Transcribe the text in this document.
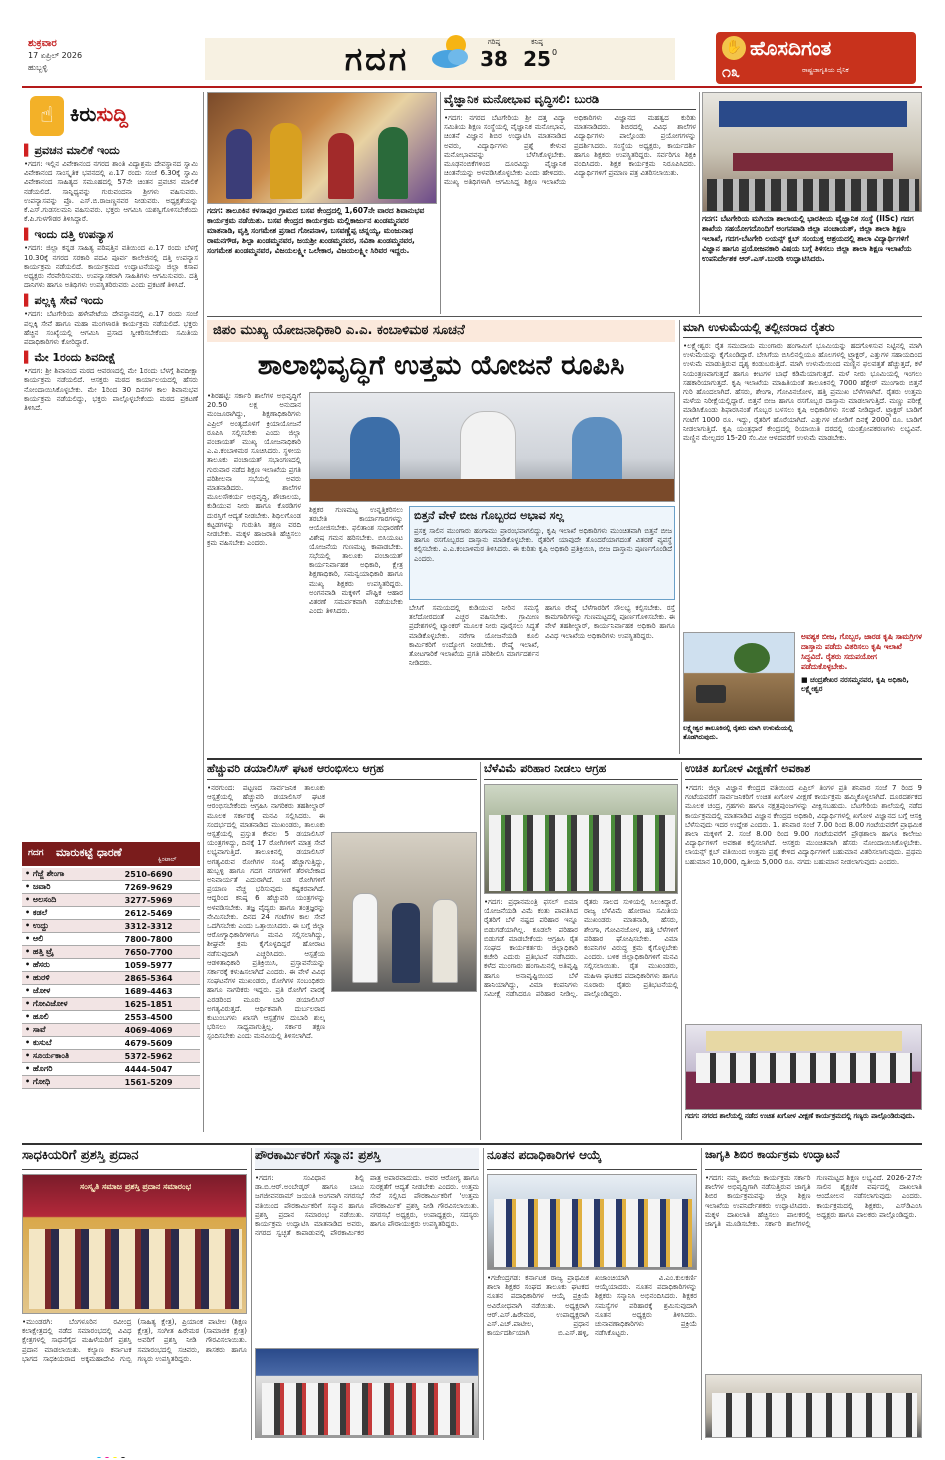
ಶುಕ್ರವಾರ
17 ಏಪ್ರಿಲ್ 2026
ಹುಬ್ಬಳ್ಳಿ	ಗದಗ	ಗರಿಷ್ಠ
38
ಕನಿಷ್ಠ
25 0	✋ ಹೊಸದಿಗಂತ
೧೩	ರಾಷ್ಟ್ರಜಾಗೃತಿಯ ದೈನಿಕ
☝ ಕಿರುಸುದ್ದಿ
▌ ಪ್ರವಚನ ಮಾಲಿಕೆ ಇಂದು
•ಗದಗ: ಇಲ್ಲಿನ ವಿವೇಕಾನಂದ ನಗರದ ಶಾಂತಿ ವಿದ್ಯಾಶ್ರಮ ದೇವಸ್ಥಾನದ ಸ್ವಾಮಿ ವಿವೇಕಾನಂದ ಸಾಂಸ್ಕೃತಿಕ ಭವನದಲ್ಲಿ ಏ.17 ರಂದು ಸಂಜೆ 6.30ಕ್ಕೆ ಸ್ವಾಮಿ ವಿವೇಕಾನಂದ ಸಾಹಿತ್ಯದ ಸಮೂಹದಲ್ಲಿ 57ನೇ ಚಿಂತನ ಪ್ರವಚನ ಮಾಲಿಕೆ ನಡೆಯಲಿದೆ. ಸಾನ್ನಿಧ್ಯವನ್ನು ಗುರುವಂದನಾ ಶ್ರೀಗಳು ವಹಿಸುವರು. ಉಪನ್ಯಾಸವನ್ನು ಪ್ರೊ. ಎಸ್.ಬಿ.ರಾಜಣ್ಣನವರ ನೀಡುವರು. ಅಧ್ಯಕ್ಷತೆಯನ್ನು ಕೆ.ಎಸ್.ಗುಡಸಲಮನಿ ವಹಿಸುವರು. ಭಕ್ತರು ಆಗಮಿಸಿ ಯಶಸ್ವಿಗೊಳಿಸಬೇಕೆಂದು ಕೆ.ಪಿ.ಗುಳಗೌಡರ ತಿಳಿಸಿದ್ದಾರೆ.
▌ ಇಂದು ದತ್ತಿ ಉಪನ್ಯಾಸ
•ಗದಗ: ಜಿಲ್ಲಾ ಕನ್ನಡ ಸಾಹಿತ್ಯ ಪರಿಷತ್ತಿನ ವತಿಯಿಂದ ಏ.17 ರಂದು ಬೆಳಗ್ಗೆ 10.30ಕ್ಕೆ ನಗರದ ಸರಕಾರಿ ಪದವಿ ಪೂರ್ವ ಕಾಲೇಜಿನಲ್ಲಿ ದತ್ತಿ ಉಪನ್ಯಾಸ ಕಾರ್ಯಕ್ರಮ ನಡೆಯಲಿದೆ. ಕಾರ್ಯಕ್ರಮದ ಉದ್ಘಾಟನೆಯನ್ನು ಜಿಲ್ಲಾ ಕಸಾಪ ಅಧ್ಯಕ್ಷರು ನೆರವೇರಿಸುವರು. ಉಪನ್ಯಾಸಕರಾಗಿ ಸಾಹಿತಿಗಳು ಆಗಮಿಸುವರು. ದತ್ತಿ ದಾನಿಗಳು ಹಾಗೂ ಅತಿಥಿಗಳು ಉಪಸ್ಥಿತರಿರುವರು ಎಂದು ಪ್ರಕಟಣೆ ತಿಳಿಸಿದೆ.
▌ ಪಲ್ಲಕ್ಕಿ ಸೇವೆ ಇಂದು
•ಗದಗ: ಬೆಟಗೇರಿಯ ಹಳೇಪೇಟೆಯ ದೇವಸ್ಥಾನದಲ್ಲಿ ಏ.17 ರಂದು ಸಂಜೆ ಪಲ್ಲಕ್ಕಿ ಸೇವೆ ಹಾಗೂ ಮಹಾ ಮಂಗಳಾರತಿ ಕಾರ್ಯಕ್ರಮ ನಡೆಯಲಿದೆ. ಭಕ್ತರು ಹೆಚ್ಚಿನ ಸಂಖ್ಯೆಯಲ್ಲಿ ಆಗಮಿಸಿ ಪ್ರಸಾದ ಸ್ವೀಕರಿಸಬೇಕೆಂದು ಸಮಿತಿಯ ಪದಾಧಿಕಾರಿಗಳು ಕೋರಿದ್ದಾರೆ.
▌ ಮೇ 1ರಂದು ಶಿವದೀಕ್ಷೆ
•ಗದಗ: ಶ್ರೀ ಶಿವಾನಂದ ಮಠದ ಆವರಣದಲ್ಲಿ ಮೇ 1ರಂದು ಬೆಳಗ್ಗೆ ಶಿವದೀಕ್ಷಾ ಕಾರ್ಯಕ್ರಮ ನಡೆಯಲಿದೆ. ಆಸಕ್ತರು ಮಠದ ಕಾರ್ಯಾಲಯದಲ್ಲಿ ಹೆಸರು ನೋಂದಾಯಿಸಿಕೊಳ್ಳಬೇಕು. ಮೇ 1ರಿಂದ 30 ದಿನಗಳ ಕಾಲ ಶಿವಾನುಭವ ಕಾರ್ಯಕ್ರಮ ನಡೆಯಲಿದ್ದು, ಭಕ್ತರು ಪಾಲ್ಗೊಳ್ಳಬೇಕೆಂದು ಮಠದ ಪ್ರಕಟಣೆ ತಿಳಿಸಿದೆ.
ಗದಗ	ಮಾರುಕಟ್ಟೆ ಧಾರಣೆ
ಕ್ವಿಂಟಾಲ್
• ಗೆಜ್ಜೆ ಶೇಂಗಾ	2510-6690
• ಜವಾರಿ	7269-9629
• ಅಲಸಂದಿ	3277-5969
• ಕಡಲೆ	2612-5469
• ಉದ್ದು	3312-3312
• ಆಲಿ	7800-7800
• ಹತ್ತಿ ಟ್ರೈ	7650-7700
• ಹೆಸರು	1059-5977
• ಹುರಳಿ	2865-5364
• ಜೋಳ	1689-4463
• ಗೋವಿಜೋಳ	1625-1851
• ಹೂಲಿ	2553-4500
• ಸಾವೆ	4069-4069
• ಕುಸುಬೆ	4679-5609
• ಸೂರ್ಯಕಾಂತಿ	5372-5962
• ಹೊಗರಿ	4444-5047
• ಗೋಧಿ	1561-5209
ಗದಗ: ತಾಲೂಕಿನ ಕಳಸಾಪುರ ಗ್ರಾಮದ ಬಸವ ಕೇಂದ್ರದಲ್ಲಿ 1,607ನೇ ವಾರದ ಶಿವಾನುಭವ ಕಾರ್ಯಕ್ರಮ ನಡೆಯಿತು. ಬಸವ ಕೇಂದ್ರದ ಕಾರ್ಯಕ್ರಮ ಮಲ್ಲಿಕಾರ್ಜುನ ಖಂಡಮ್ಮನವರ ಮಾತನಾಡಿ, ವೃತ್ತಿ ಸಂಗಮೇಶ ಪ್ರಸಾದ ಗೋಪನಾಳ, ಬಸವಣ್ಣೆಪ್ಪ ಚನ್ನಯ್ಯ, ಮಂಜುನಾಥ ರಾಮನಗೌಡ, ಶಿಲ್ಪಾ ಖಂಡಮ್ಮನವರ, ಜಯಶ್ರೀ ಖಂಡಮ್ಮನವರ, ಸವಿತಾ ಖಂಡಮ್ಮನವರ, ಸಂಗಮೇಶ ಖಂಡಮ್ಮನವರ, ವಿಜಯಲಕ್ಷ್ಮೀ ಒಲೇಕಾರ, ವಿಜಯಲಕ್ಷ್ಮೀ ಸಿರಿವರ ಇದ್ದರು.
ವೈಜ್ಞಾನಿಕ ಮನೋಭಾವ ವೃದ್ಧಿಸಲಿ: ಬುರಡಿ
•ಗದಗ: ನಗರದ ಬೆಟಗೇರಿಯ ಶ್ರೀ ದತ್ತ ವಿದ್ಯಾ ಸಮಿತಿಯ ಶಿಕ್ಷಣ ಸಂಸ್ಥೆಯಲ್ಲಿ ವೈಜ್ಞಾನಿಕ ಮನೋಭಾವ, ಚಿಂತನೆ ವಿಜ್ಞಾನ ಶಿಬಿರ ಉದ್ಘಾಟಿಸಿ ಮಾತನಾಡಿದ ಅವರು, ವಿದ್ಯಾರ್ಥಿಗಳು ಪ್ರಶ್ನೆ ಕೇಳುವ ಮನೋಭಾವವನ್ನು ಬೆಳೆಸಿಕೊಳ್ಳಬೇಕು. ಮೂಢನಂಬಿಕೆಗಳಿಂದ ದೂರವಿದ್ದು ವೈಜ್ಞಾನಿಕ ಚಿಂತನೆಯನ್ನು ಅಳವಡಿಸಿಕೊಳ್ಳಬೇಕು ಎಂದು ಹೇಳಿದರು. ಮುಖ್ಯ ಅತಿಥಿಗಳಾಗಿ ಆಗಮಿಸಿದ್ದ ಶಿಕ್ಷಣ ಇಲಾಖೆಯ ಅಧಿಕಾರಿಗಳು ವಿಜ್ಞಾನದ ಮಹತ್ವದ ಕುರಿತು ಮಾತನಾಡಿದರು. ಶಿಬಿರದಲ್ಲಿ ವಿವಿಧ ಶಾಲೆಗಳ ವಿದ್ಯಾರ್ಥಿಗಳು ಪಾಲ್ಗೊಂಡು ಪ್ರಯೋಗಗಳನ್ನು ಪ್ರದರ್ಶಿಸಿದರು. ಸಂಸ್ಥೆಯ ಅಧ್ಯಕ್ಷರು, ಕಾರ್ಯದರ್ಶಿ ಹಾಗೂ ಶಿಕ್ಷಕರು ಉಪಸ್ಥಿತರಿದ್ದರು. ಸರ್ವರಿಗೂ ಶಿಕ್ಷಕಿ ವಂದಿಸಿದರು. ಶಿಕ್ಷಕ ಕಾರ್ಯಕ್ರಮ ನಿರೂಪಿಸಿದರು. ವಿದ್ಯಾರ್ಥಿಗಳಿಗೆ ಪ್ರಮಾಣ ಪತ್ರ ವಿತರಿಸಲಾಯಿತು.
ಗದಗ: ಬೆಟಗೇರಿಯ ಮಗಿಯಾ ಶಾಲಾಯಲ್ಲಿ ಭಾರತೀಯ ವೈಜ್ಞಾನಿಕ ಸಂಸ್ಥೆ (IISc) ಗದಗ ಶಾಖೆಯ ಸಹಯೋಗದೊಂದಿಗೆ ಅಂಗನವಾಡಿ ಜಿಲ್ಲಾ ಪಂಚಾಯತ್, ಜಿಲ್ಲಾ ಶಾಲಾ ಶಿಕ್ಷಣ ಇಲಾಖೆ, ಗದಗ-ಬೆಟಗೇರಿ ಲಯನ್ಸ್ ಕ್ಲಬ್ ಸಂಯುಕ್ತ ಆಶ್ರಯದಲ್ಲಿ ಶಾಲಾ ವಿದ್ಯಾರ್ಥಿಗಳಿಗೆ ವಿಜ್ಞಾನ ಹಾಗೂ ಪ್ರಯೋಜನಕಾರಿ ವಿಷಯ ಬಗ್ಗೆ ತಿಳಿಸಲು ಜಿಲ್ಲಾ ಶಾಲಾ ಶಿಕ್ಷಣ ಇಲಾಖೆಯ ಉಪನಿರ್ದೇಶಕ ಆರ್.ಎಸ್.ಬುರಡಿ ಉದ್ಘಾಟಿಸಿದರು.
ಜಿಪಂ ಮುಖ್ಯ ಯೋಜನಾಧಿಕಾರಿ ಎ.ಎ. ಕಂಬಾಳಿಮಠ ಸೂಚನೆ
ಶಾಲಾಭಿವೃದ್ಧಿಗೆ ಉತ್ತಮ ಯೋಜನೆ ರೂಪಿಸಿ
•ಶಿರಹಟ್ಟಿ: ಸರ್ಕಾರಿ ಶಾಲೆಗಳ ಅಭಿವೃದ್ಧಿಗೆ 20.50 ಲಕ್ಷ ಅನುದಾನ ಮಂಜೂರಾಗಿದ್ದು, ಶಿಕ್ಷಣಾಧಿಕಾರಿಗಳು ಎಪ್ರಿಲ್ ಅಂತ್ಯದೊಳಗೆ ಕ್ರಿಯಾಯೋಜನೆ ರೂಪಿಸಿ ಸಲ್ಲಿಸಬೇಕು ಎಂದು ಜಿಲ್ಲಾ ಪಂಚಾಯತ್ ಮುಖ್ಯ ಯೋಜನಾಧಿಕಾರಿ ಎ.ಎ.ಕಂಬಾಳಿಮಠ ಸೂಚಿಸಿದರು. ಸ್ಥಳೀಯ ತಾಲೂಕು ಪಂಚಾಯತ್ ಸಭಾಂಗಣದಲ್ಲಿ ಗುರುವಾರ ನಡೆದ ಶಿಕ್ಷಣ ಇಲಾಖೆಯ ಪ್ರಗತಿ ಪರಿಶೀಲನಾ ಸಭೆಯಲ್ಲಿ ಅವರು ಮಾತನಾಡಿದರು. ಶಾಲೆಗಳ ಮೂಲಸೌಕರ್ಯ ಅಭಿವೃದ್ಧಿ, ಶೌಚಾಲಯ, ಕುಡಿಯುವ ನೀರು ಹಾಗೂ ಕೊಠಡಿಗಳ ದುರಸ್ತಿಗೆ ಆದ್ಯತೆ ನೀಡಬೇಕು. ಶಿಥಿಲಗೊಂಡ ಕಟ್ಟಡಗಳನ್ನು ಗುರುತಿಸಿ ತಕ್ಷಣ ವರದಿ ನೀಡಬೇಕು. ಮಕ್ಕಳ ಹಾಜರಾತಿ ಹೆಚ್ಚಿಸಲು ಕ್ರಮ ವಹಿಸಬೇಕು ಎಂದರು.
ಶಿಕ್ಷಕರ ಗುಣಮಟ್ಟ ಉನ್ನತ್ತಿಕರಿಸಲು ತರಬೇತಿ ಕಾರ್ಯಾಗಾರಗಳನ್ನು ಆಯೋಜಿಸಬೇಕು. ಫಲಿತಾಂಶ ಸುಧಾರಣೆಗೆ ವಿಶೇಷ ಗಮನ ಹರಿಸಬೇಕು. ಬಿಸಿಯೂಟ ಯೋಜನೆಯ ಗುಣಮಟ್ಟ ಕಾಪಾಡಬೇಕು. ಸಭೆಯಲ್ಲಿ ತಾಲೂಕು ಪಂಚಾಯತ್ ಕಾರ್ಯನಿರ್ವಾಹಕ ಅಧಿಕಾರಿ, ಕ್ಷೇತ್ರ ಶಿಕ್ಷಣಾಧಿಕಾರಿ, ಸಮನ್ವಯಾಧಿಕಾರಿ ಹಾಗೂ ಮುಖ್ಯ ಶಿಕ್ಷಕರು ಉಪಸ್ಥಿತರಿದ್ದರು. ಅಂಗನವಾಡಿ ಮಕ್ಕಳಿಗೆ ಪೌಷ್ಟಿಕ ಆಹಾರ ವಿತರಣೆ ಸಮರ್ಪಕವಾಗಿ ನಡೆಯಬೇಕು ಎಂದು ತಿಳಿಸಿದರು.
ಬಿತ್ತನೆ ವೇಳೆ ಬೀಜ ಗೊಬ್ಬರದ ಅಭಾವ ಸಲ್ಲ
ಪ್ರಸಕ್ತ ಸಾಲಿನ ಮುಂಗಾರು ಹಂಗಾಮು ಪ್ರಾರಂಭವಾಗಲಿದ್ದು, ಕೃಷಿ ಇಲಾಖೆ ಅಧಿಕಾರಿಗಳು ಮುಂಚಿತವಾಗಿ ಬಿತ್ತನೆ ಬೀಜ ಹಾಗೂ ರಸಗೊಬ್ಬರದ ದಾಸ್ತಾನು ಮಾಡಿಕೊಳ್ಳಬೇಕು. ರೈತರಿಗೆ ಯಾವುದೇ ತೊಂದರೆಯಾಗದಂತೆ ವಿತರಣೆ ವ್ಯವಸ್ಥೆ ಕಲ್ಪಿಸಬೇಕು. ಎ.ಎ.ಕಂಬಾಳಿಮಠ ತಿಳಿಸಿದರು. ಈ ಕುರಿತು ಕೃಷಿ ಅಧಿಕಾರಿ ಪ್ರತಿಕ್ರಿಯಿಸಿ, ಬೀಜ ದಾಸ್ತಾನು ಪೂರ್ಣಗೊಂಡಿದೆ ಎಂದರು.
ಬೇಸಿಗೆ ಸಮಯದಲ್ಲಿ ಕುಡಿಯುವ ನೀರಿನ ಸಮಸ್ಯೆ ತಲೆದೋರದಂತೆ ಎಚ್ಚರ ವಹಿಸಬೇಕು. ಗ್ರಾಮೀಣ ಪ್ರದೇಶಗಳಲ್ಲಿ ಟ್ಯಾಂಕರ್ ಮೂಲಕ ನೀರು ಪೂರೈಸಲು ಸಿದ್ಧತೆ ಮಾಡಿಕೊಳ್ಳಬೇಕು. ನರೇಗಾ ಯೋಜನೆಯಡಿ ಕೂಲಿ ಕಾರ್ಮಿಕರಿಗೆ ಉದ್ಯೋಗ ನೀಡಬೇಕು. ರೇಷ್ಮೆ ಇಲಾಖೆ, ತೋಟಗಾರಿಕೆ ಇಲಾಖೆಯ ಪ್ರಗತಿ ಪರಿಶೀಲಿಸಿ ಮಾರ್ಗದರ್ಶನ ನೀಡಿದರು.
ಹಾಗೂ ರೇಷ್ಮೆ ಬೆಳೆಗಾರರಿಗೆ ಸೌಲಭ್ಯ ಕಲ್ಪಿಸಬೇಕು. ರಸ್ತೆ ಕಾಮಗಾರಿಗಳನ್ನು ಗುಣಮಟ್ಟದಲ್ಲಿ ಪೂರ್ಣಗೊಳಿಸಬೇಕು. ಈ ವೇಳೆ ತಹಶೀಲ್ದಾರ್, ಕಾರ್ಯನಿರ್ವಾಹಕ ಅಧಿಕಾರಿ ಹಾಗೂ ವಿವಿಧ ಇಲಾಖೆಯ ಅಧಿಕಾರಿಗಳು ಉಪಸ್ಥಿತರಿದ್ದರು.
ಮಾಗಿ ಉಳುಮೆಯಲ್ಲಿ ತಲ್ಲೀನರಾದ ರೈತರು
•ಲಕ್ಷ್ಮೇಶ್ವರ: ರೈತ ಸಮುದಾಯ ಮುಂಗಾರು ಹಂಗಾಮಿಗೆ ಭೂಮಿಯನ್ನು ಹದಗೊಳಿಸುವ ನಿಟ್ಟಿನಲ್ಲಿ ಮಾಗಿ ಉಳುಮೆಯನ್ನು ಕೈಗೊಂಡಿದ್ದಾರೆ. ಬೇಸಿಗೆಯ ಬಿಸಿಲಿನಲ್ಲಿಯೂ ಹೊಲಗಳಲ್ಲಿ ಟ್ರ್ಯಾಕ್ಟರ್, ಎತ್ತುಗಳ ಸಹಾಯದಿಂದ ಉಳುಮೆ ಮಾಡುತ್ತಿರುವ ದೃಶ್ಯ ಕಂಡುಬರುತ್ತಿದೆ. ಮಾಗಿ ಉಳುಮೆಯಿಂದ ಮಣ್ಣಿನ ಫಲವತ್ತತೆ ಹೆಚ್ಚುತ್ತದೆ, ಕಳೆ ನಿಯಂತ್ರಣವಾಗುತ್ತದೆ ಹಾಗೂ ಕೀಟಗಳ ಬಾಧೆ ಕಡಿಮೆಯಾಗುತ್ತದೆ. ಮಳೆ ನೀರು ಭೂಮಿಯಲ್ಲಿ ಇಂಗಲು ಸಹಕಾರಿಯಾಗುತ್ತದೆ. ಕೃಷಿ ಇಲಾಖೆಯ ಮಾಹಿತಿಯಂತೆ ತಾಲೂಕಿನಲ್ಲಿ 7000 ಹೆಕ್ಟೇರ್ ಮುಂಗಾರು ಬಿತ್ತನೆ ಗುರಿ ಹೊಂದಲಾಗಿದೆ. ಹೆಸರು, ಶೇಂಗಾ, ಗೋವಿನಜೋಳ, ಹತ್ತಿ ಪ್ರಮುಖ ಬೆಳೆಗಳಾಗಿವೆ. ರೈತರು ಉತ್ತಮ ಮಳೆಯ ನಿರೀಕ್ಷೆಯಲ್ಲಿದ್ದಾರೆ. ಬಿತ್ತನೆ ಬೀಜ ಹಾಗೂ ರಸಗೊಬ್ಬರ ದಾಸ್ತಾನು ಮಾಡಲಾಗುತ್ತಿದೆ. ಮಣ್ಣು ಪರೀಕ್ಷೆ ಮಾಡಿಸಿಕೊಂಡು ಶಿಫಾರಸಿನಂತೆ ಗೊಬ್ಬರ ಬಳಸಲು ಕೃಷಿ ಅಧಿಕಾರಿಗಳು ಸಲಹೆ ನೀಡಿದ್ದಾರೆ. ಟ್ರ್ಯಾಕ್ಟರ್ ಬಾಡಿಗೆ ಗಂಟೆಗೆ 1000 ರೂ. ಇದ್ದು, ರೈತರಿಗೆ ಹೊರೆಯಾಗಿದೆ. ಎತ್ತುಗಳ ಜೋಡಿಗೆ ದಿನಕ್ಕೆ 2000 ರೂ. ಬಾಡಿಗೆ ನೀಡಲಾಗುತ್ತಿದೆ. ಕೃಷಿ ಯಂತ್ರಧಾರೆ ಕೇಂದ್ರದಲ್ಲಿ ರಿಯಾಯಿತಿ ದರದಲ್ಲಿ ಯಂತ್ರೋಪಕರಣಗಳು ಲಭ್ಯವಿವೆ. ಮಣ್ಣಿನ ಮೇಲ್ಪದರ 15-20 ಸೆಂ.ಮೀ ಆಳದವರೆಗೆ ಉಳುಮೆ ಮಾಡಬೇಕು.
ಲಕ್ಷ್ಮೇಶ್ವರ ತಾಲೂಕಿನಲ್ಲಿ ರೈತರು ಮಾಗಿ ಉಳುಮೆಯಲ್ಲಿ ತೊಡಗಿರುವುದು.
ಅವಶ್ಯಕ ಬೀಜ, ಗೊಬ್ಬರ, ಜಾರಡ ಕೃಷಿ ಸಾಮಗ್ರಿಗಳ ದಾಸ್ತಾನು ಪಡೆದು ವಿತರಿಸಲು ಕೃಷಿ ಇಲಾಖೆ ಸಿದ್ಧವಿದೆ. ರೈತರು ಸದುಪಯೋಗ ಪಡೆದುಕೊಳ್ಳಬೇಕು.
■ ಚಂದ್ರಶೇಖರ ನರಸಮ್ಮನವರ, ಕೃಷಿ ಅಧಿಕಾರಿ, ಲಕ್ಷ್ಮೇಶ್ವರ
ಹೆಚ್ಚುವರಿ ಡಯಾಲಿಸಿಸ್ ಘಟಕ ಆರಂಭಿಸಲು ಆಗ್ರಹ
•ನರಗುಂದ: ಪಟ್ಟಣದ ಸಾರ್ವಜನಿಕ ತಾಲೂಕು ಆಸ್ಪತ್ರೆಯಲ್ಲಿ ಹೆಚ್ಚುವರಿ ಡಯಾಲಿಸಿಸ್ ಘಟಕ ಆರಂಭಿಸಬೇಕೆಂದು ಆಗ್ರಹಿಸಿ ನಾಗರಿಕರು ತಹಶೀಲ್ದಾರ್ ಮೂಲಕ ಸರ್ಕಾರಕ್ಕೆ ಮನವಿ ಸಲ್ಲಿಸಿದರು. ಈ ಸಂದರ್ಭದಲ್ಲಿ ಮಾತನಾಡಿದ ಮುಖಂಡರು, ತಾಲೂಕು ಆಸ್ಪತ್ರೆಯಲ್ಲಿ ಪ್ರಸ್ತುತ ಕೇವಲ 5 ಡಯಾಲಿಸಿಸ್ ಯಂತ್ರಗಳಿದ್ದು, ದಿನಕ್ಕೆ 17 ರೋಗಿಗಳಿಗೆ ಮಾತ್ರ ಸೇವೆ ಲಭ್ಯವಾಗುತ್ತಿದೆ. ತಾಲೂಕಿನಲ್ಲಿ ಡಯಾಲಿಸಿಸ್ ಅಗತ್ಯವಿರುವ ರೋಗಿಗಳ ಸಂಖ್ಯೆ ಹೆಚ್ಚಾಗುತ್ತಿದ್ದು, ಹುಬ್ಬಳ್ಳಿ ಹಾಗೂ ಗದಗ ನಗರಗಳಿಗೆ ತೆರಳಬೇಕಾದ ಅನಿವಾರ್ಯತೆ ಎದುರಾಗಿದೆ. ಬಡ ರೋಗಿಗಳಿಗೆ ಪ್ರಯಾಣ ವೆಚ್ಚ ಭರಿಸುವುದು ಕಷ್ಟಕರವಾಗಿದೆ. ಆದ್ದರಿಂದ ಕನಿಷ್ಠ 6 ಹೆಚ್ಚುವರಿ ಯಂತ್ರಗಳನ್ನು ಅಳವಡಿಸಬೇಕು. ತಜ್ಞ ವೈದ್ಯರು ಹಾಗೂ ತಂತ್ರಜ್ಞರನ್ನು ನೇಮಿಸಬೇಕು. ದಿನದ 24 ಗಂಟೆಗಳ ಕಾಲ ಸೇವೆ ಒದಗಿಸಬೇಕು ಎಂದು ಒತ್ತಾಯಿಸಿದರು. ಈ ಬಗ್ಗೆ ಜಿಲ್ಲಾ ಆರೋಗ್ಯಾಧಿಕಾರಿಗಳಿಗೂ ಮನವಿ ಸಲ್ಲಿಸಲಾಗಿದ್ದು, ಶೀಘ್ರವೇ ಕ್ರಮ ಕೈಗೊಳ್ಳದಿದ್ದರೆ ಹೋರಾಟ ನಡೆಸುವುದಾಗಿ ಎಚ್ಚರಿಸಿದರು. ಆಸ್ಪತ್ರೆಯ ಆಡಳಿತಾಧಿಕಾರಿ ಪ್ರತಿಕ್ರಿಯಿಸಿ, ಪ್ರಸ್ತಾವನೆಯನ್ನು ಸರ್ಕಾರಕ್ಕೆ ಕಳುಹಿಸಲಾಗಿದೆ ಎಂದರು. ಈ ವೇಳೆ ವಿವಿಧ ಸಂಘಟನೆಗಳ ಮುಖಂಡರು, ರೋಗಿಗಳ ಸಂಬಂಧಿಕರು ಹಾಗೂ ನಾಗರಿಕರು ಇದ್ದರು. ಪ್ರತಿ ರೋಗಿಗೆ ವಾರಕ್ಕೆ ಎರಡರಿಂದ ಮೂರು ಬಾರಿ ಡಯಾಲಿಸಿಸ್ ಅಗತ್ಯವಿರುತ್ತದೆ. ಆರ್ಥಿಕವಾಗಿ ದುರ್ಬಲರಾದ ಕುಟುಂಬಗಳು ಖಾಸಗಿ ಆಸ್ಪತ್ರೆಗಳ ದುಬಾರಿ ಶುಲ್ಕ ಭರಿಸಲು ಸಾಧ್ಯವಾಗುತ್ತಿಲ್ಲ. ಸರ್ಕಾರ ತಕ್ಷಣ ಸ್ಪಂದಿಸಬೇಕು ಎಂದು ಮನವಿಯಲ್ಲಿ ತಿಳಿಸಲಾಗಿದೆ.
ಬೆಳೆವಿಮೆ ಪರಿಹಾರ ನೀಡಲು ಆಗ್ರಹ
•ಗದಗ: ಪ್ರಧಾನಮಂತ್ರಿ ಫಸಲ್ ಬಿಮಾ ಯೋಜನೆಯಡಿ ವಿಮೆ ಕಂತು ಪಾವತಿಸಿದ ರೈತರಿಗೆ ಬೆಳೆ ನಷ್ಟದ ಪರಿಹಾರ ಇನ್ನೂ ಬಿಡುಗಡೆಯಾಗಿಲ್ಲ. ಕೂಡಲೇ ಪರಿಹಾರ ಬಿಡುಗಡೆ ಮಾಡಬೇಕೆಂದು ಆಗ್ರಹಿಸಿ ರೈತ ಸಂಘದ ಕಾರ್ಯಕರ್ತರು ಜಿಲ್ಲಾಧಿಕಾರಿ ಕಚೇರಿ ಎದುರು ಪ್ರತಿಭಟನೆ ನಡೆಸಿದರು. ಕಳೆದ ಮುಂಗಾರು ಹಂಗಾಮಿನಲ್ಲಿ ಅತಿವೃಷ್ಟಿ ಹಾಗೂ ಅನಾವೃಷ್ಟಿಯಿಂದ ಬೆಳೆ ಹಾನಿಯಾಗಿದ್ದು, ವಿಮಾ ಕಂಪನಿಗಳು ಸಮೀಕ್ಷೆ ನಡೆಸಿದರೂ ಪರಿಹಾರ ನೀಡಿಲ್ಲ. ರೈತರು ಸಾಲದ ಸುಳಿಯಲ್ಲಿ ಸಿಲುಕಿದ್ದಾರೆ. ರಾಜ್ಯ ಬೆಳೆವಿಮೆ ಹೋರಾಟ ಸಮಿತಿಯ ಮುಖಂಡರು ಮಾತನಾಡಿ, ಹೆಸರು, ಶೇಂಗಾ, ಗೋವಿನಜೋಳ, ಹತ್ತಿ ಬೆಳೆಗಳಿಗೆ ಪರಿಹಾರ ಘೋಷಿಸಬೇಕು. ವಿಮಾ ಕಂಪನಿಗಳ ವಿರುದ್ಧ ಕ್ರಮ ಕೈಗೊಳ್ಳಬೇಕು ಎಂದರು. ಬಳಿಕ ಜಿಲ್ಲಾಧಿಕಾರಿಗಳಿಗೆ ಮನವಿ ಸಲ್ಲಿಸಲಾಯಿತು. ರೈತ ಮುಖಂಡರು, ಮಹಿಳಾ ಘಟಕದ ಪದಾಧಿಕಾರಿಗಳು ಹಾಗೂ ನೂರಾರು ರೈತರು ಪ್ರತಿಭಟನೆಯಲ್ಲಿ ಪಾಲ್ಗೊಂಡಿದ್ದರು.
ಉಚಿತ ಖಗೋಳ ವೀಕ್ಷಣೆಗೆ ಅವಕಾಶ
•ಗದಗ: ಜಿಲ್ಲಾ ವಿಜ್ಞಾನ ಕೇಂದ್ರದ ವತಿಯಿಂದ ಏಪ್ರಿಲ್ ತಿಂಗಳ ಪ್ರತಿ ಶನಿವಾರ ಸಂಜೆ 7 ರಿಂದ 9 ಗಂಟೆಯವರೆಗೆ ಸಾರ್ವಜನಿಕರಿಗೆ ಉಚಿತ ಖಗೋಳ ವೀಕ್ಷಣೆ ಕಾರ್ಯಕ್ರಮ ಹಮ್ಮಿಕೊಳ್ಳಲಾಗಿದೆ. ದೂರದರ್ಶಕದ ಮೂಲಕ ಚಂದ್ರ, ಗ್ರಹಗಳು ಹಾಗೂ ನಕ್ಷತ್ರಪುಂಜಗಳನ್ನು ವೀಕ್ಷಿಸಬಹುದು. ಬೆಟಗೇರಿಯ ಶಾಲೆಯಲ್ಲಿ ನಡೆದ ಕಾರ್ಯಕ್ರಮದಲ್ಲಿ ಮಾತನಾಡಿದ ವಿಜ್ಞಾನ ಕೇಂದ್ರದ ಅಧಿಕಾರಿ, ವಿದ್ಯಾರ್ಥಿಗಳಲ್ಲಿ ಖಗೋಳ ವಿಜ್ಞಾನದ ಬಗ್ಗೆ ಆಸಕ್ತಿ ಬೆಳೆಸುವುದು ಇದರ ಉದ್ದೇಶ ಎಂದರು. 1. ಶನಿವಾರ ಸಂಜೆ 7.00 ರಿಂದ 8.00 ಗಂಟೆಯವರೆಗೆ ಪ್ರಾಥಮಿಕ ಶಾಲಾ ಮಕ್ಕಳಿಗೆ 2. ಸಂಜೆ 8.00 ರಿಂದ 9.00 ಗಂಟೆಯವರೆಗೆ ಪ್ರೌಢಶಾಲಾ ಹಾಗೂ ಕಾಲೇಜು ವಿದ್ಯಾರ್ಥಿಗಳಿಗೆ ಅವಕಾಶ ಕಲ್ಪಿಸಲಾಗಿದೆ. ಆಸಕ್ತರು ಮುಂಚಿತವಾಗಿ ಹೆಸರು ನೋಂದಾಯಿಸಿಕೊಳ್ಳಬೇಕು. ಲಾಯನ್ಸ್ ಕ್ಲಬ್ ವತಿಯಿಂದ ಉತ್ತಮ ಪ್ರಶ್ನೆ ಕೇಳಿದ ವಿದ್ಯಾರ್ಥಿಗಳಿಗೆ ಬಹುಮಾನ ವಿತರಿಸಲಾಗುವುದು. ಪ್ರಥಮ ಬಹುಮಾನ 10,000, ದ್ವಿತೀಯ 5,000 ರೂ. ನಗದು ಬಹುಮಾನ ನೀಡಲಾಗುವುದು ಎಂದರು.
ಗದಗ: ನಗರದ ಶಾಲೆಯಲ್ಲಿ ನಡೆದ ಉಚಿತ ಖಗೋಳ ವೀಕ್ಷಣೆ ಕಾರ್ಯಕ್ರಮದಲ್ಲಿ ಗಣ್ಯರು ಪಾಲ್ಗೊಂಡಿರುವುದು.
ಸಾಧಕಿಯರಿಗೆ ಪ್ರಶಸ್ತಿ ಪ್ರದಾನ
ಸಂಸ್ಕೃತಿ ಸಮಾಜ ಪ್ರಶಸ್ತಿ ಪ್ರದಾನ ಸಮಾರಂಭ
•ಮುಂಡರಗಿ: ಬೆಂಗಳೂರಿನ ರವೀಂದ್ರ ಕಲಾಕ್ಷೇತ್ರದಲ್ಲಿ ನಡೆದ ಸಮಾರಂಭದಲ್ಲಿ ವಿವಿಧ ಕ್ಷೇತ್ರಗಳಲ್ಲಿ ಸಾಧನೆಗೈದ ಮಹಿಳೆಯರಿಗೆ ಪ್ರಶಸ್ತಿ ಪ್ರದಾನ ಮಾಡಲಾಯಿತು. ಕಲ್ಯಾಣ ಕರ್ನಾಟಕ ಭಾಗದ ಸಾಧಕಿಯರಾದ ಅಕ್ಕಮಹಾದೇವಿ ಗುಬ್ಬಿ (ಸಾಹಿತ್ಯ ಕ್ಷೇತ್ರ), ಪ್ರಿಯಾಂಕ ಪಾಟೀಲ (ಶಿಕ್ಷಣ ಕ್ಷೇತ್ರ), ಸಂಗೀತ ಹಿರೇಮಠ (ಸಾಮಾಜಿಕ ಕ್ಷೇತ್ರ) ಅವರಿಗೆ ಪ್ರಶಸ್ತಿ ನೀಡಿ ಗೌರವಿಸಲಾಯಿತು. ಸಮಾರಂಭದಲ್ಲಿ ಸಚಿವರು, ಶಾಸಕರು ಹಾಗೂ ಗಣ್ಯರು ಉಪಸ್ಥಿತರಿದ್ದರು.
ಪೌರಕಾರ್ಮಿಕರಿಗೆ ಸನ್ಮಾನ: ಪ್ರಶಸ್ತಿ
•ಗದಗ: ಸಂವಿಧಾನ ಶಿಲ್ಪಿ ಡಾ.ಬಿ.ಆರ್.ಅಂಬೇಡ್ಕರ್ ಹಾಗೂ ಬಾಬು ಜಗಜೀವನರಾಮ್ ಜಯಂತಿ ಅಂಗವಾಗಿ ನಗರಸಭೆ ವತಿಯಿಂದ ಪೌರಕಾರ್ಮಿಕರಿಗೆ ಸನ್ಮಾನ ಹಾಗೂ ಪ್ರಶಸ್ತಿ ಪ್ರದಾನ ಸಮಾರಂಭ ನಡೆಯಿತು. ಕಾರ್ಯಕ್ರಮ ಉದ್ಘಾಟಿಸಿ ಮಾತನಾಡಿದ ಅವರು, ನಗರದ ಸ್ವಚ್ಛತೆ ಕಾಪಾಡುವಲ್ಲಿ ಪೌರಕಾರ್ಮಿಕರ ಪಾತ್ರ ಅಪಾರವಾದುದು. ಅವರ ಆರೋಗ್ಯ ಹಾಗೂ ಸುರಕ್ಷತೆಗೆ ಆದ್ಯತೆ ನೀಡಬೇಕು ಎಂದರು. ಉತ್ತಮ ಸೇವೆ ಸಲ್ಲಿಸಿದ ಪೌರಕಾರ್ಮಿಕರಿಗೆ 'ಉತ್ತಮ ಪೌರಕಾರ್ಮಿಕ' ಪ್ರಶಸ್ತಿ ನೀಡಿ ಗೌರವಿಸಲಾಯಿತು. ನಗರಸಭೆ ಅಧ್ಯಕ್ಷರು, ಉಪಾಧ್ಯಕ್ಷರು, ಸದಸ್ಯರು ಹಾಗೂ ಪೌರಾಯುಕ್ತರು ಉಪಸ್ಥಿತರಿದ್ದರು.
ನೂತನ ಪದಾಧಿಕಾರಿಗಳ ಆಯ್ಕೆ
•ಗಜೇಂದ್ರಗಡ: ಕರ್ನಾಟಕ ರಾಜ್ಯ ಪ್ರಾಥಮಿಕ ಶಾಲಾ ಶಿಕ್ಷಕರ ಸಂಘದ ತಾಲೂಕು ಘಟಕದ ನೂತನ ಪದಾಧಿಕಾರಿಗಳ ಆಯ್ಕೆ ಪ್ರಕ್ರಿಯೆ ಅವಿರೋಧವಾಗಿ ನಡೆಯಿತು. ಅಧ್ಯಕ್ಷರಾಗಿ ಆರ್.ಎಸ್.ಹಿರೇಮಠ, ಉಪಾಧ್ಯಕ್ಷರಾಗಿ ಎಸ್.ಎಚ್.ಪಾಟೀಲ, ಪ್ರಧಾನ ಕಾರ್ಯದರ್ಶಿಯಾಗಿ ಬಿ.ಎಸ್.ಹಳ್ಳಿ, ಖಜಾಂಚಿಯಾಗಿ ವಿ.ಎಂ.ಕುಲಕರ್ಣಿ ಆಯ್ಕೆಯಾದರು. ನೂತನ ಪದಾಧಿಕಾರಿಗಳನ್ನು ಶಿಕ್ಷಕರು ಸನ್ಮಾನಿಸಿ ಅಭಿನಂದಿಸಿದರು. ಶಿಕ್ಷಕರ ಸಮಸ್ಯೆಗಳ ಪರಿಹಾರಕ್ಕೆ ಶ್ರಮಿಸುವುದಾಗಿ ನೂತನ ಅಧ್ಯಕ್ಷರು ತಿಳಿಸಿದರು. ಚುನಾವಣಾಧಿಕಾರಿಗಳು ಪ್ರಕ್ರಿಯೆ ನಡೆಸಿಕೊಟ್ಟರು.
ಜಾಗೃತಿ ಶಿಬಿರ ಕಾರ್ಯಕ್ರಮ ಉದ್ಘಾಟನೆ
•ಗದಗ: ನಮ್ಮ ಶಾಲೆಯ ಕಾರ್ಯಕ್ರಮ ಸರ್ಕಾರಿ ಶಾಲೆಗಳ ಅಭಿವೃದ್ಧಿಗಾಗಿ ನಡೆಸುತ್ತಿರುವ ಜಾಗೃತಿ ಶಿಬಿರ ಕಾರ್ಯಕ್ರಮವನ್ನು ಜಿಲ್ಲಾ ಶಿಕ್ಷಣ ಇಲಾಖೆಯ ಉಪನಿರ್ದೇಶಕರು ಉದ್ಘಾಟಿಸಿದರು. ಮಕ್ಕಳ ದಾಖಲಾತಿ ಹೆಚ್ಚಿಸಲು ಪಾಲಕರಲ್ಲಿ ಜಾಗೃತಿ ಮೂಡಿಸಬೇಕು. ಸರ್ಕಾರಿ ಶಾಲೆಗಳಲ್ಲಿ ಗುಣಮಟ್ಟದ ಶಿಕ್ಷಣ ಲಭ್ಯವಿದೆ. 2026-27ನೇ ಸಾಲಿನ ಶೈಕ್ಷಣಿಕ ವರ್ಷದಲ್ಲಿ ದಾಖಲಾತಿ ಆಂದೋಲನ ನಡೆಸಲಾಗುವುದು ಎಂದರು. ಕಾರ್ಯಕ್ರಮದಲ್ಲಿ ಶಿಕ್ಷಕರು, ಎಸ್‌ಡಿಎಂಸಿ ಅಧ್ಯಕ್ಷರು ಹಾಗೂ ಪಾಲಕರು ಪಾಲ್ಗೊಂಡಿದ್ದರು.
